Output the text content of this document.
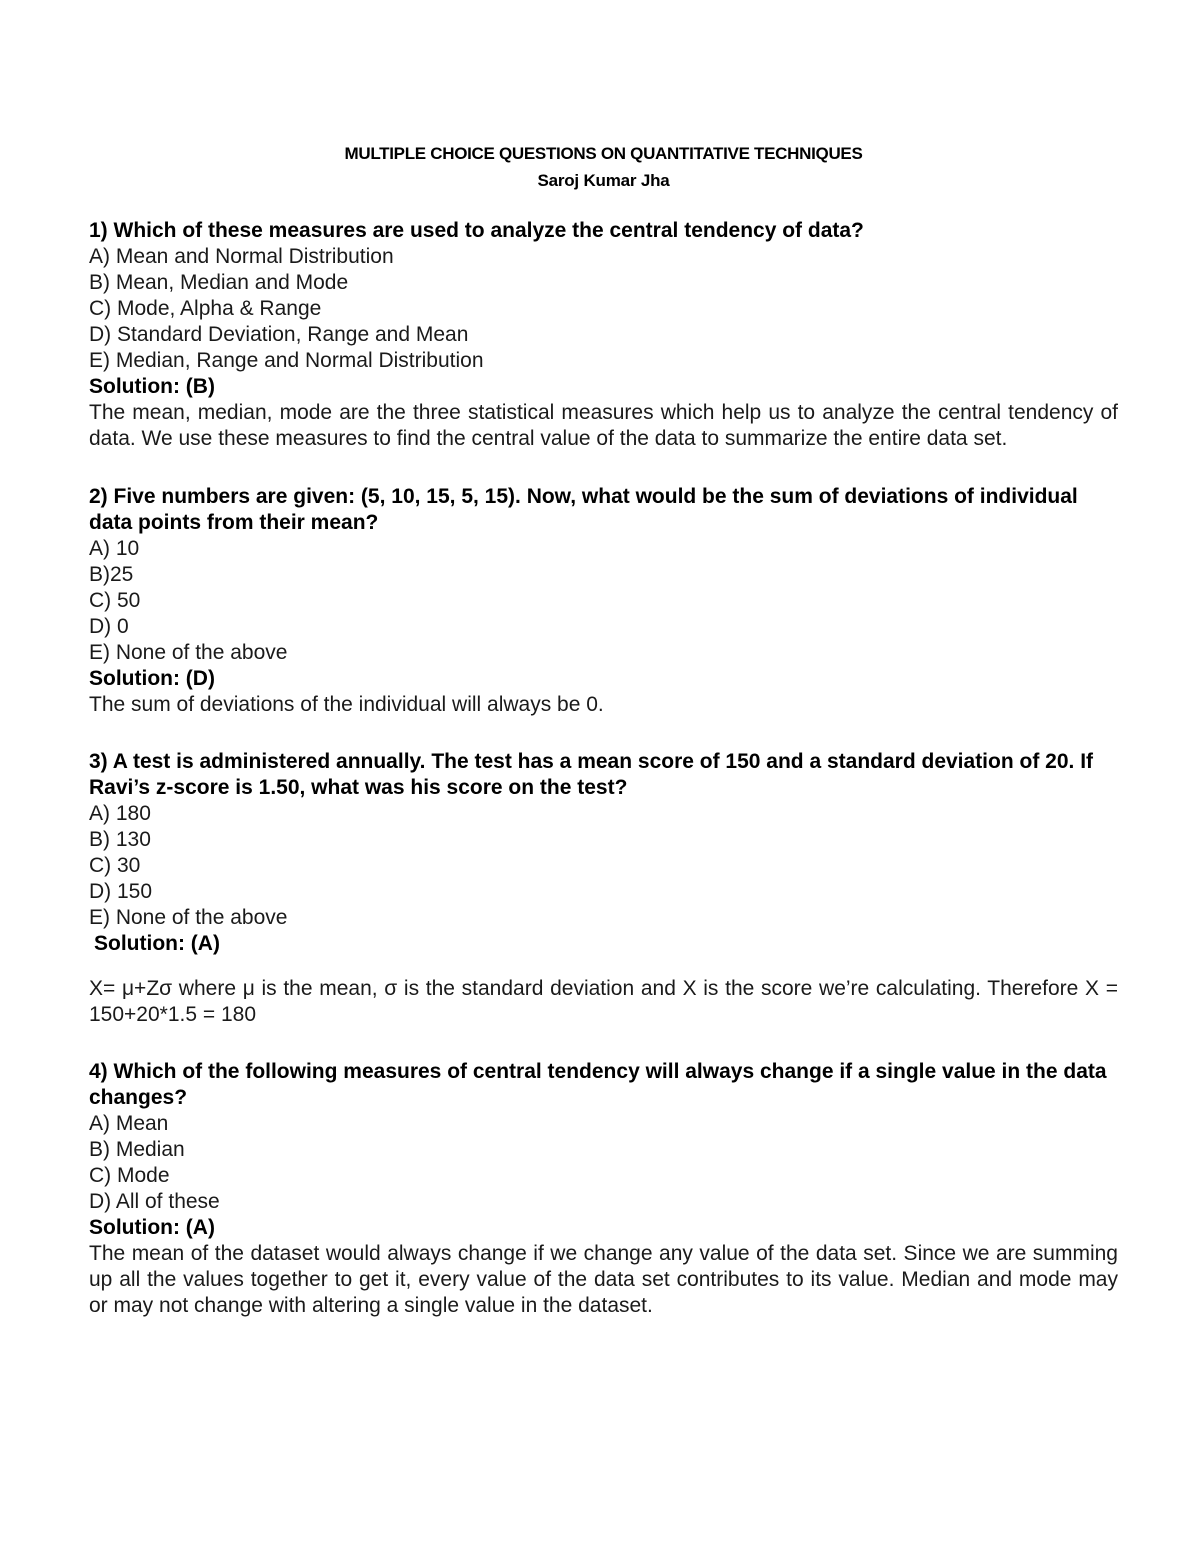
MULTIPLE CHOICE QUESTIONS ON QUANTITATIVE TECHNIQUES

Saroj Kumar Jha

1) Which of these measures are used to analyze the central tendency of data?

A) Mean and Normal Distribution

B) Mean, Median and Mode

C) Mode, Alpha & Range

D) Standard Deviation, Range and Mean

E) Median, Range and Normal Distribution

Solution: (B)

The mean, median, mode are the three statistical measures which help us to analyze the central tendency of data. We use these measures to find the central value of the data to summarize the entire data set.

2) Five numbers are given: (5, 10, 15, 5, 15). Now, what would be the sum of deviations of individual data points from their mean?

A) 10

B)25

C) 50

D) 0

E) None of the above

Solution: (D)

The sum of deviations of the individual will always be 0.

3) A test is administered annually. The test has a mean score of 150 and a standard deviation of 20. If Ravi’s z-score is 1.50, what was his score on the test?

A) 180

B) 130

C) 30

D) 150

E) None of the above

Solution: (A)

X= μ+Zσ where μ is the mean, σ is the standard deviation and X is the score we’re calculating. Therefore X = 150+20*1.5 = 180

4) Which of the following measures of central tendency will always change if a single value in the data changes?

A) Mean

B) Median

C) Mode

D) All of these

Solution: (A)

The mean of the dataset would always change if we change any value of the data set. Since we are summing up all the values together to get it, every value of the data set contributes to its value. Median and mode may or may not change with altering a single value in the dataset.
